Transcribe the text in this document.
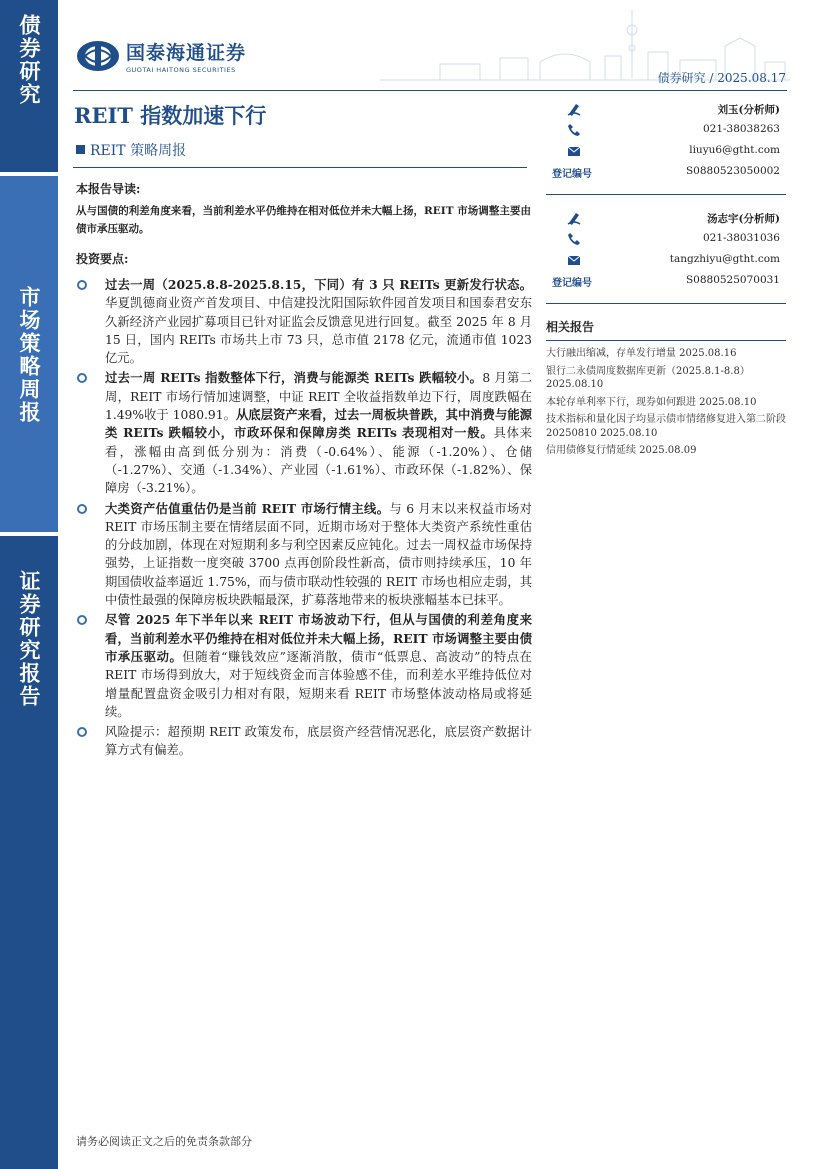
债券研究
市场策略周报
证券研究报告
国泰海通证券
GUOTAI HAITONG SECURITIES
债券研究 / 2025.08.17
REIT 指数加速下行
REIT 策略周报
本报告导读:
从与国债的利差角度来看，当前利差水平仍维持在相对低位并未大幅上扬，REIT 市场调整主要由债市承压驱动。
投资要点:
过去一周（2025.8.8-2025.8.15，下同）有 3 只 REITs 更新发行状态。华夏凯德商业资产首发项目、中信建投沈阳国际软件园首发项目和国泰君安东久新经济产业园扩募项目已针对证监会反馈意见进行回复。截至 2025 年 8 月 15 日，国内 REITs 市场共上市 73 只，总市值 2178 亿元，流通市值 1023 亿元。
过去一周 REITs 指数整体下行，消费与能源类 REITs 跌幅较小。8 月第二周，REIT 市场行情加速调整，中证 REIT 全收益指数单边下行，周度跌幅在 1.49%收于 1080.91。从底层资产来看，过去一周板块普跌，其中消费与能源类 REITs 跌幅较小，市政环保和保障房类 REITs 表现相对一般。具体来看，涨幅由高到低分别为：消费（-0.64%）、能源（-1.20%）、仓储（-1.27%）、交通（-1.34%）、产业园（-1.61%）、市政环保（-1.82%）、保障房（-3.21%）。
大类资产估值重估仍是当前 REIT 市场行情主线。与 6 月末以来权益市场对 REIT 市场压制主要在情绪层面不同，近期市场对于整体大类资产系统性重估的分歧加剧，体现在对短期利多与利空因素反应钝化。过去一周权益市场保持强势，上证指数一度突破 3700 点再创阶段性新高，债市则持续承压，10 年期国债收益率逼近 1.75%，而与债市联动性较强的 REIT 市场也相应走弱，其中债性最强的保障房板块跌幅最深，扩募落地带来的板块涨幅基本已抹平。
尽管 2025 年下半年以来 REIT 市场波动下行，但从与国债的利差角度来看，当前利差水平仍维持在相对低位并未大幅上扬，REIT 市场调整主要由债市承压驱动。但随着“赚钱效应”逐渐消散，债市“低票息、高波动”的特点在 REIT 市场得到放大，对于短线资金而言体验感不佳，而利差水平维持低位对增量配置盘资金吸引力相对有限，短期来看 REIT 市场整体波动格局或将延续。
风险提示：超预期 REIT 政策发布，底层资产经营情况恶化，底层资产数据计算方式有偏差。
刘玉(分析师)
021-38038263
liuyu6@gtht.com
登记编号	S0880523050002
汤志宇(分析师)
021-38031036
tangzhiyu@gtht.com
登记编号	S0880525070031
相关报告
大行融出缩减，存单发行增量 2025.08.16
银行二永债周度数据库更新（2025.8.1-8.8） 2025.08.10
本轮存单利率下行，现券如何跟进 2025.08.10
技术指标和量化因子均显示债市情绪修复进入第二阶段 20250810 2025.08.10
信用债修复行情延续 2025.08.09
请务必阅读正文之后的免责条款部分
